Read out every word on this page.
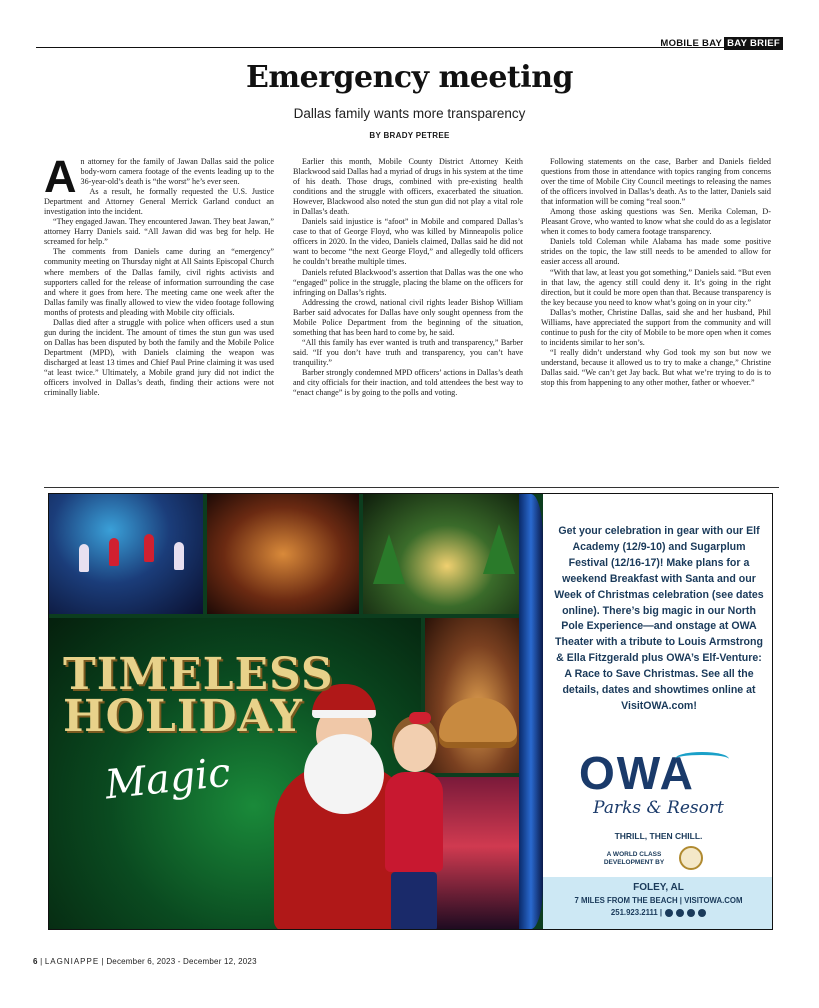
MOBILE BAY BAY BRIEF
Emergency meeting
Dallas family wants more transparency
BY BRADY PETREE

An attorney for the family of Jawan Dallas said the police body-worn camera footage of the events leading up to the 36-year-old’s death is “the worst” he’s ever seen.

As a result, he formally requested the U.S. Justice Department and Attorney General Merrick Garland conduct an investigation into the incident.

“They engaged Jawan. They encountered Jawan. They beat Jawan,” attorney Harry Daniels said. “All Jawan did was beg for help. He screamed for help.”

The comments from Daniels came during an “emergency” community meeting on Thursday night at All Saints Episcopal Church where members of the Dallas family, civil rights activists and supporters called for the release of information surrounding the case and where it goes from here. The meeting came one week after the Dallas family was finally allowed to view the video footage following months of protests and pleading with Mobile city officials.

Dallas died after a struggle with police when officers used a stun gun during the incident. The amount of times the stun gun was used on Dallas has been disputed by both the family and the Mobile Police Department (MPD), with Daniels claiming the weapon was discharged at least 13 times and Chief Paul Prine claiming it was used “at least twice.” Ultimately, a Mobile grand jury did not indict the officers involved in Dallas’s death, finding their actions were not criminally liable.

Earlier this month, Mobile County District Attorney Keith Blackwood said Dallas had a myriad of drugs in his system at the time of his death. Those drugs, combined with pre-existing health conditions and the struggle with officers, exacerbated the situation. However, Blackwood also noted the stun gun did not play a vital role in Dallas’s death.

Daniels said injustice is “afoot” in Mobile and compared Dallas’s case to that of George Floyd, who was killed by Minneapolis police officers in 2020. In the video, Daniels claimed, Dallas said he did not want to become “the next George Floyd,” and allegedly told officers he couldn’t breathe multiple times.

Daniels refuted Blackwood’s assertion that Dallas was the one who “engaged” police in the struggle, placing the blame on the officers for infringing on Dallas’s rights.

Addressing the crowd, national civil rights leader Bishop William Barber said advocates for Dallas have only sought openness from the Mobile Police Department from the beginning of the situation, something that has been hard to come by, he said.

“All this family has ever wanted is truth and transparency,” Barber said. “If you don’t have truth and transparency, you can’t have tranquility.”

Barber strongly condemned MPD officers’ actions in Dallas’s death and city officials for their inaction, and told attendees the best way to “enact change” is by going to the polls and voting.

Following statements on the case, Barber and Daniels fielded questions from those in attendance with topics ranging from concerns over the time of Mobile City Council meetings to releasing the names of the officers involved in Dallas’s death. As to the latter, Daniels said that information will be coming “real soon.”

Among those asking questions was Sen. Merika Coleman, D-Pleasant Grove, who wanted to know what she could do as a legislator when it comes to body camera footage transparency.

Daniels told Coleman while Alabama has made some positive strides on the topic, the law still needs to be amended to allow for easier access all around.

“With that law, at least you got something,” Daniels said. “But even in that law, the agency still could deny it. It’s going in the right direction, but it could be more open than that. Because transparency is the key because you need to know what’s going on in your city.”

Dallas’s mother, Christine Dallas, said she and her husband, Phil Williams, have appreciated the support from the community and will continue to push for the city of Mobile to be more open when it comes to incidents similar to her son’s.

“I really didn’t understand why God took my son but now we understand, because it allowed us to try to make a change,” Christine Dallas said. “We can’t get Jay back. But what we’re trying to do is to stop this from happening to any other mother, father or whoever.”

TIMELESS
HOLIDAY
Magic
Get your celebration in gear with our Elf Academy (12/9-10) and Sugarplum Festival (12/16-17)! Make plans for a weekend Breakfast with Santa and our Week of Christmas celebration (see dates online). There’s big magic in our North Pole Experience—and onstage at OWA Theater with a tribute to Louis Armstrong & Ella Fitzgerald plus OWA’s Elf-Venture: A Race to Save Christmas. See all the details, dates and showtimes online at VisitOWA.com!
OWA
Parks & Resort
THRILL, THEN CHILL.
A WORLD CLASS DEVELOPMENT BY
FOLEY, AL
7 MILES FROM THE BEACH | VISITOWA.COM
251.923.2111 |
6 | LAGNIAPPE | December 6, 2023 - December 12, 2023
